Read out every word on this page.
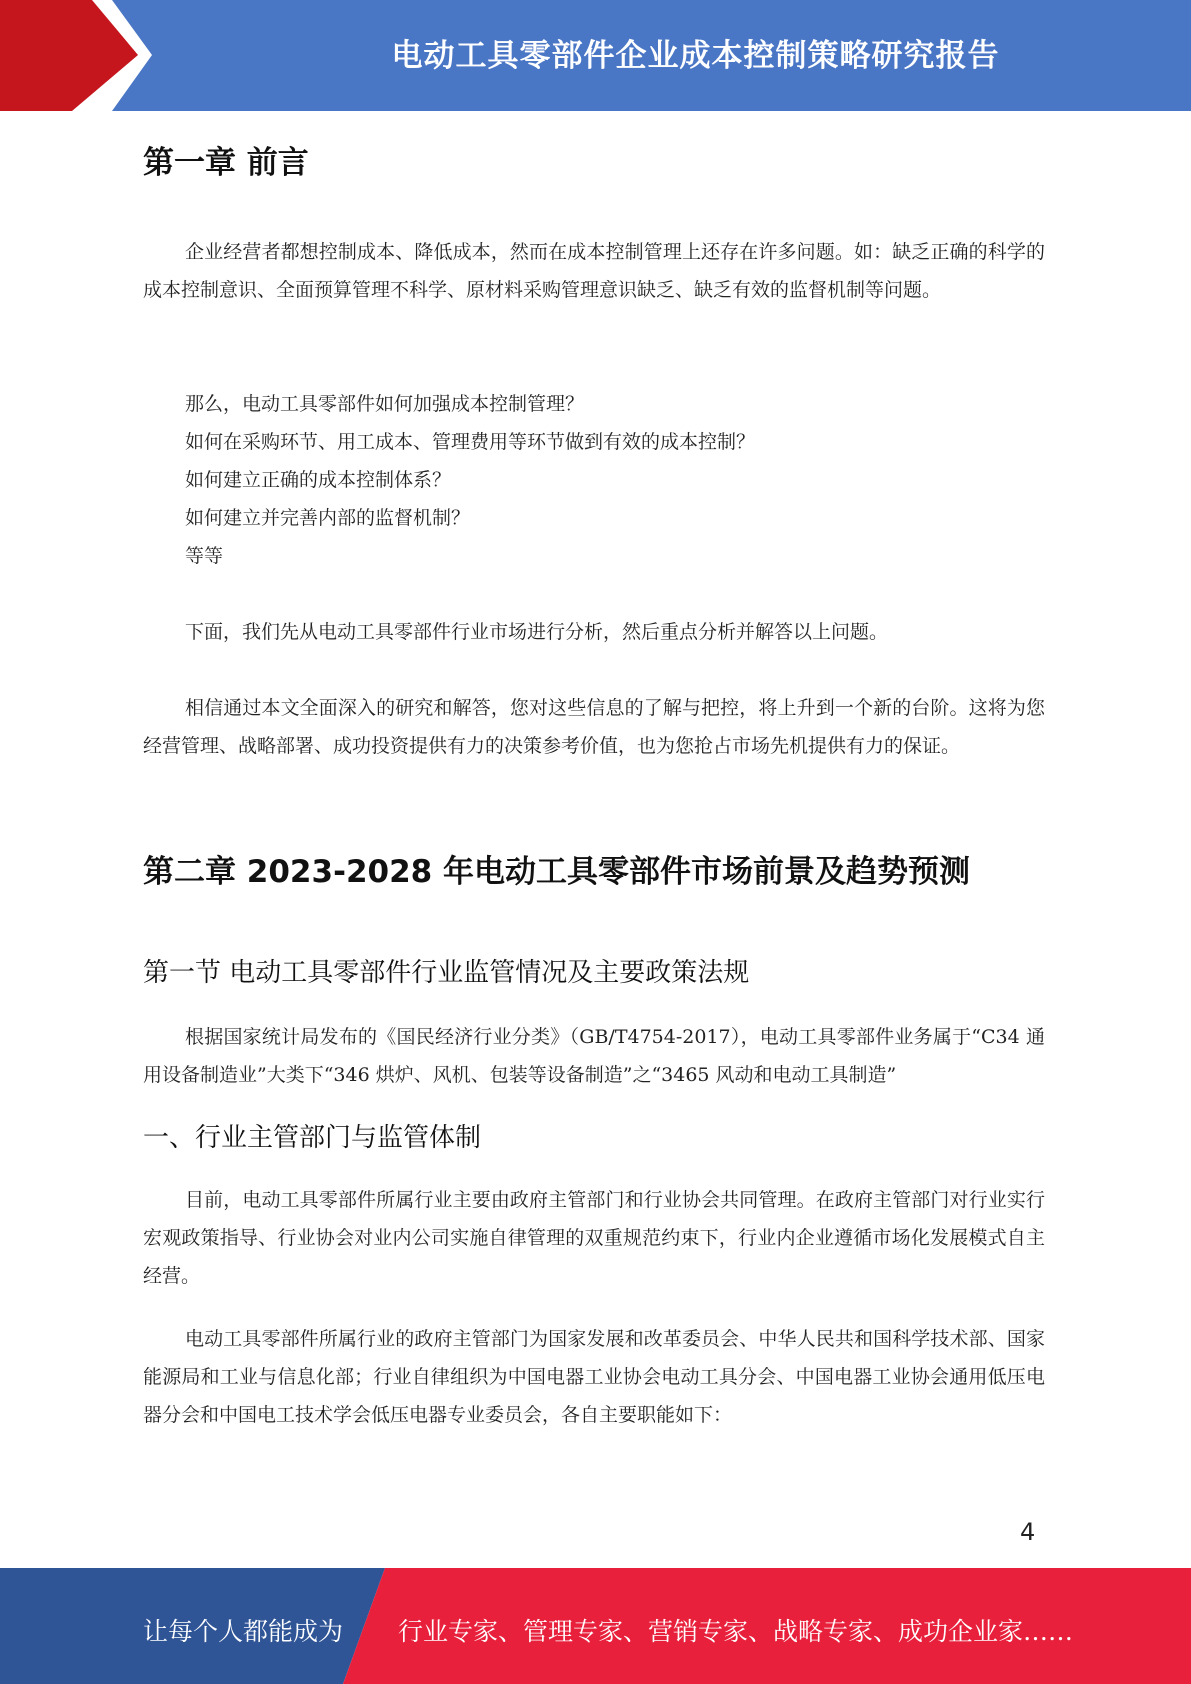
电动工具零部件企业成本控制策略研究报告
第一章 前言

企业经营者都想控制成本、降低成本，然而在成本控制管理上还存在许多问题。如：缺乏正确的科学的成本控制意识、全面预算管理不科学、原材料采购管理意识缺乏、缺乏有效的监督机制等问题。

那么，电动工具零部件如何加强成本控制管理？

如何在采购环节、用工成本、管理费用等环节做到有效的成本控制？

如何建立正确的成本控制体系？

如何建立并完善内部的监督机制？

等等

下面，我们先从电动工具零部件行业市场进行分析，然后重点分析并解答以上问题。

相信通过本文全面深入的研究和解答，您对这些信息的了解与把控，将上升到一个新的台阶。这将为您经营管理、战略部署、成功投资提供有力的决策参考价值，也为您抢占市场先机提供有力的保证。

第二章 2023-2028 年电动工具零部件市场前景及趋势预测
第一节 电动工具零部件行业监管情况及主要政策法规

根据国家统计局发布的《国民经济行业分类》（GB/T4754-2017），电动工具零部件业务属于“C34 通用设备制造业”大类下“346 烘炉、风机、包装等设备制造”之“3465 风动和电动工具制造”

一、行业主管部门与监管体制

目前，电动工具零部件所属行业主要由政府主管部门和行业协会共同管理。在政府主管部门对行业实行宏观政策指导、行业协会对业内公司实施自律管理的双重规范约束下，行业内企业遵循市场化发展模式自主经营。

电动工具零部件所属行业的政府主管部门为国家发展和改革委员会、中华人民共和国科学技术部、国家能源局和工业与信息化部；行业自律组织为中国电器工业协会电动工具分会、中国电器工业协会通用低压电器分会和中国电工技术学会低压电器专业委员会，各自主要职能如下：

4
让每个人都能成为 行业专家、管理专家、营销专家、战略专家、成功企业家……
